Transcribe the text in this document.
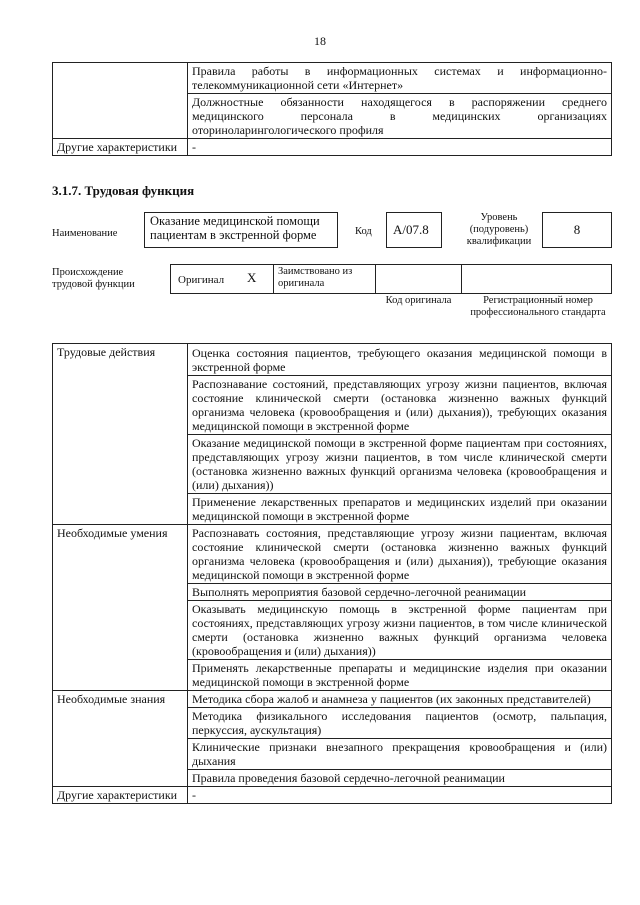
18
	Правила работы в информационных системах и информационно-телекоммуникационной сети «Интернет»
	Должностные обязанности находящегося в распоряжении среднего медицинского персонала в медицинских организациях оториноларингологического профиля
Другие характеристики	-
3.1.7. Трудовая функция
Наименование
Оказание медицинской помощи пациентам в экстренной форме	Код	А/07.8
Уровень (подуровень) квалификации
8
Происхождение трудовой функции	Оригинал X	Заимствовано из оригинала
Код оригинала	Регистрационный номер профессионального стандарта
Трудовые действия	Оценка состояния пациентов, требующего оказания медицинской помощи в экстренной форме
	Распознавание состояний, представляющих угрозу жизни пациентов, включая состояние клинической смерти (остановка жизненно важных функций организма человека (кровообращения и (или) дыхания)), требующих оказания медицинской помощи в экстренной форме
	Оказание медицинской помощи в экстренной форме пациентам при состояниях, представляющих угрозу жизни пациентов, в том числе клинической смерти (остановка жизненно важных функций организма человека (кровообращения и (или) дыхания))
	Применение лекарственных препаратов и медицинских изделий при оказании медицинской помощи в экстренной форме
Необходимые умения	Распознавать состояния, представляющие угрозу жизни пациентам, включая состояние клинической смерти (остановка жизненно важных функций организма человека (кровообращения и (или) дыхания)), требующие оказания медицинской помощи в экстренной форме
	Выполнять мероприятия базовой сердечно-легочной реанимации
	Оказывать медицинскую помощь в экстренной форме пациентам при состояниях, представляющих угрозу жизни пациентов, в том числе клинической смерти (остановка жизненно важных функций организма человека (кровообращения и (или) дыхания))
	Применять лекарственные препараты и медицинские изделия при оказании медицинской помощи в экстренной форме
Необходимые знания	Методика сбора жалоб и анамнеза у пациентов (их законных представителей)
	Методика физикального исследования пациентов (осмотр, пальпация, перкуссия, аускультация)
	Клинические признаки внезапного прекращения кровообращения и (или) дыхания
	Правила проведения базовой сердечно-легочной реанимации
Другие характеристики	-
